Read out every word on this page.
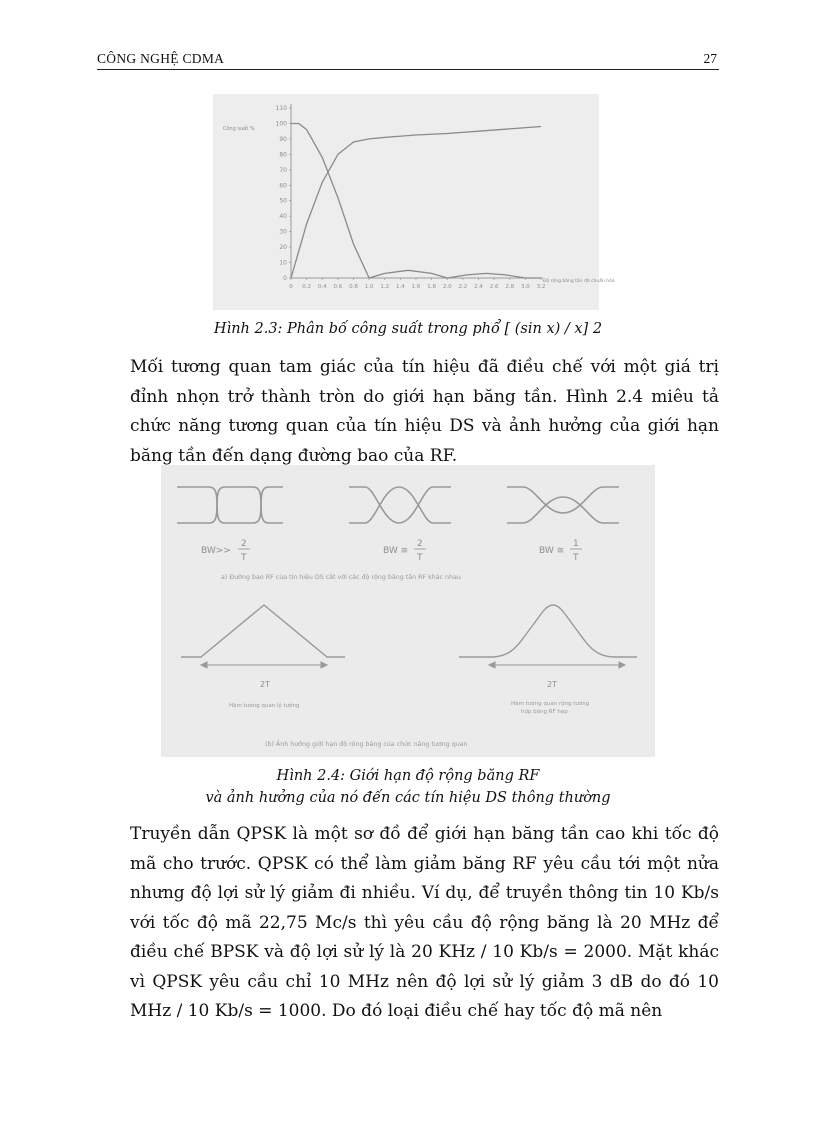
CÔNG NGHỆ CDMA	27
0
10
20
30
40
50
60
70
80
90
100
110
0 0.2 0.4 0.6 0.8 1.0 1.2 1.4 1.6 1.8 2.0 2.2 2.4 2.6 2.8 3.0 3.2
Công suất %
Độ rộng băng tần đã chuẩn hóa
Hình 2.3: Phân bố công suất trong phổ [ (sin x) / x] 2
Mối tương quan tam giác của tín hiệu đã điều chế với một giá trị đỉnh nhọn trở thành tròn do giới hạn băng tần. Hình 2.4 miêu tả chức năng tương quan của tín hiệu DS và ảnh hưởng của giới hạn băng tần đến dạng đường bao của RF.
BW>>
2
T
BW ≅
2
T
BW ≅
1
T
a) Đường bao RF của tín hiệu DS cắt với các độ rộng băng tần RF khác nhau
2T
Hàm tương quan lý tưởng
2T
Hàm tương quan rộng tương
hợp băng RF hẹp
(b) Ảnh hưởng giới hạn độ rộng băng của chức năng tương quan
Hình 2.4: Giới hạn độ rộng băng RF
và ảnh hưởng của nó đến các tín hiệu DS thông thường
Truyền dẫn QPSK là một sơ đồ để giới hạn băng tần cao khi tốc độ mã cho trước. QPSK có thể làm giảm băng RF yêu cầu tới một nửa nhưng độ lợi sử lý giảm đi nhiều. Ví dụ, để truyền thông tin 10 Kb/s với tốc độ mã 22,75 Mc/s thì yêu cầu độ rộng băng là 20 MHz để điều chế BPSK và độ lợi sử lý là 20 KHz / 10 Kb/s = 2000. Mặt khác vì QPSK yêu cầu chỉ 10 MHz nên độ lợi sử lý giảm 3 dB do đó 10 MHz / 10 Kb/s = 1000. Do đó loại điều chế hay tốc độ mã nên
